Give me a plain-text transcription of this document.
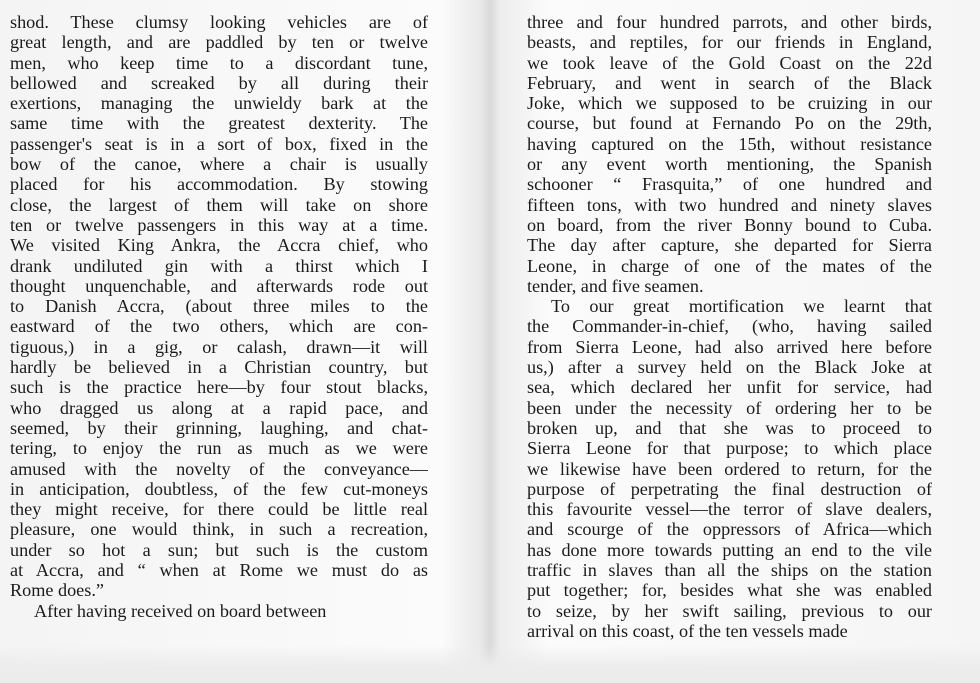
shod. These clumsy looking vehicles are of
great length, and are paddled by ten or twelve
men, who keep time to a discordant tune,
bellowed and screaked by all during their
exertions, managing the unwieldy bark at the
same time with the greatest dexterity. The
passenger's seat is in a sort of box, fixed in the
bow of the canoe, where a chair is usually
placed for his accommodation. By stowing
close, the largest of them will take on shore
ten or twelve passengers in this way at a time.
We visited King Ankra, the Accra chief, who
drank undiluted gin with a thirst which I
thought unquenchable, and afterwards rode out
to Danish Accra, (about three miles to the
eastward of the two others, which are con-
tiguous,) in a gig, or calash, drawn—it will
hardly be believed in a Christian country, but
such is the practice here—by four stout blacks,
who dragged us along at a rapid pace, and
seemed, by their grinning, laughing, and chat-
tering, to enjoy the run as much as we were
amused with the novelty of the conveyance—
in anticipation, doubtless, of the few cut-moneys
they might receive, for there could be little real
pleasure, one would think, in such a recreation,
under so hot a sun; but such is the custom
at Accra, and “ when at Rome we must do as
Rome does.”
After having received on board between
three and four hundred parrots, and other birds,
beasts, and reptiles, for our friends in England,
we took leave of the Gold Coast on the 22d
February, and went in search of the Black
Joke, which we supposed to be cruizing in our
course, but found at Fernando Po on the 29th,
having captured on the 15th, without resistance
or any event worth mentioning, the Spanish
schooner “ Frasquita,” of one hundred and
fifteen tons, with two hundred and ninety slaves
on board, from the river Bonny bound to Cuba.
The day after capture, she departed for Sierra
Leone, in charge of one of the mates of the
tender, and five seamen.
To our great mortification we learnt that
the Commander-in-chief, (who, having sailed
from Sierra Leone, had also arrived here before
us,) after a survey held on the Black Joke at
sea, which declared her unfit for service, had
been under the necessity of ordering her to be
broken up, and that she was to proceed to
Sierra Leone for that purpose; to which place
we likewise have been ordered to return, for the
purpose of perpetrating the final destruction of
this favourite vessel—the terror of slave dealers,
and scourge of the oppressors of Africa—which
has done more towards putting an end to the vile
traffic in slaves than all the ships on the station
put together; for, besides what she was enabled
to seize, by her swift sailing, previous to our
arrival on this coast, of the ten vessels made
